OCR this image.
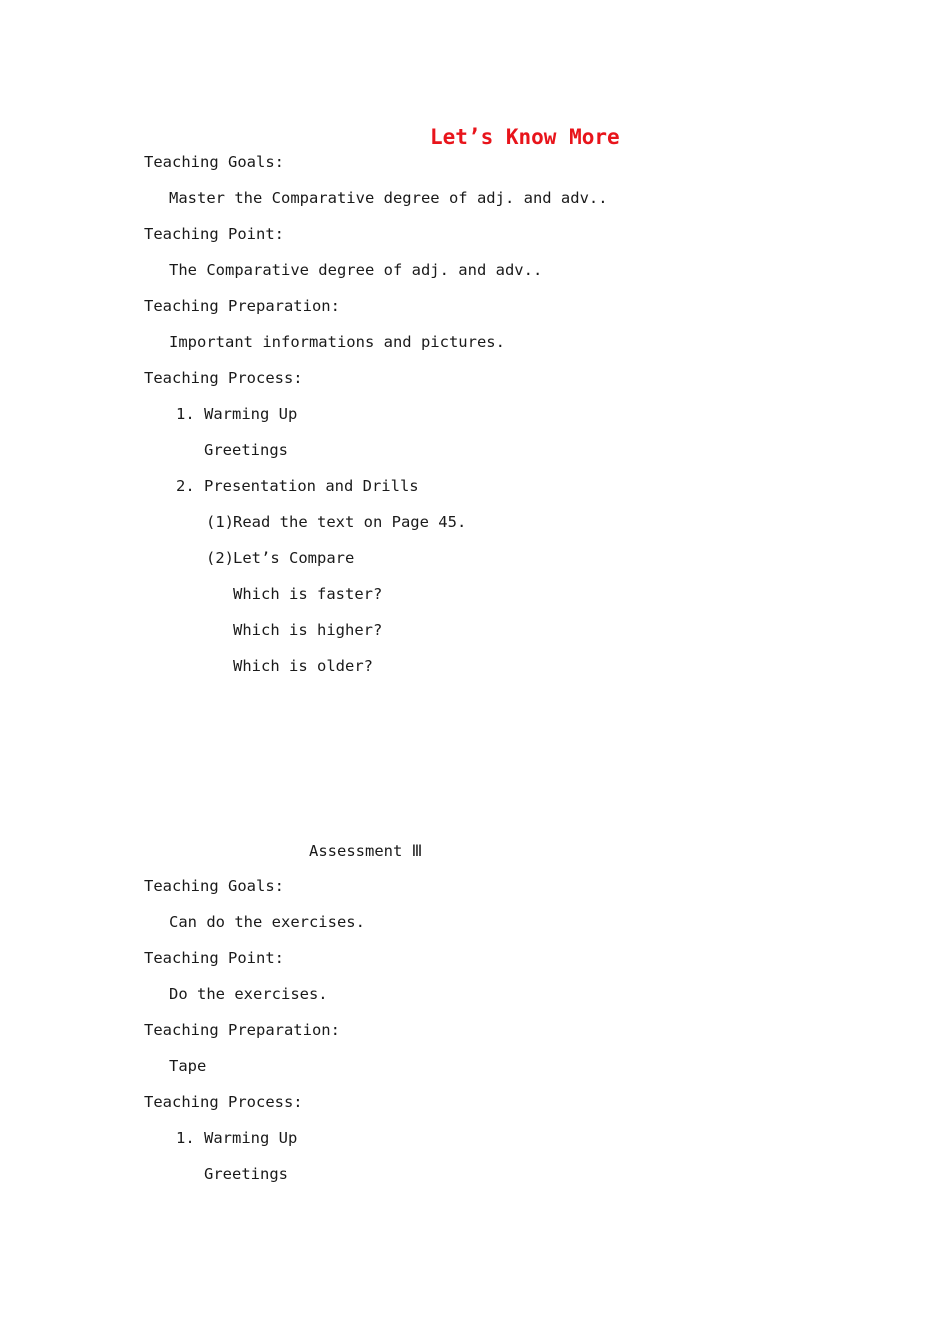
Let’s Know More
Teaching Goals:
Master the Comparative degree of adj. and adv..
Teaching Point:
The Comparative degree of adj. and adv..
Teaching Preparation:
Important informations and pictures.
Teaching Process:
1. Warming Up
Greetings
2. Presentation and Drills
(1) Read the text on Page 45.
(2) Let’s Compare
Which is faster?
Which is higher?
Which is older?
Assessment Ⅲ
Teaching Goals:
Can do the exercises.
Teaching Point:
Do the exercises.
Teaching Preparation:
Tape
Teaching Process:
1. Warming Up
Greetings
